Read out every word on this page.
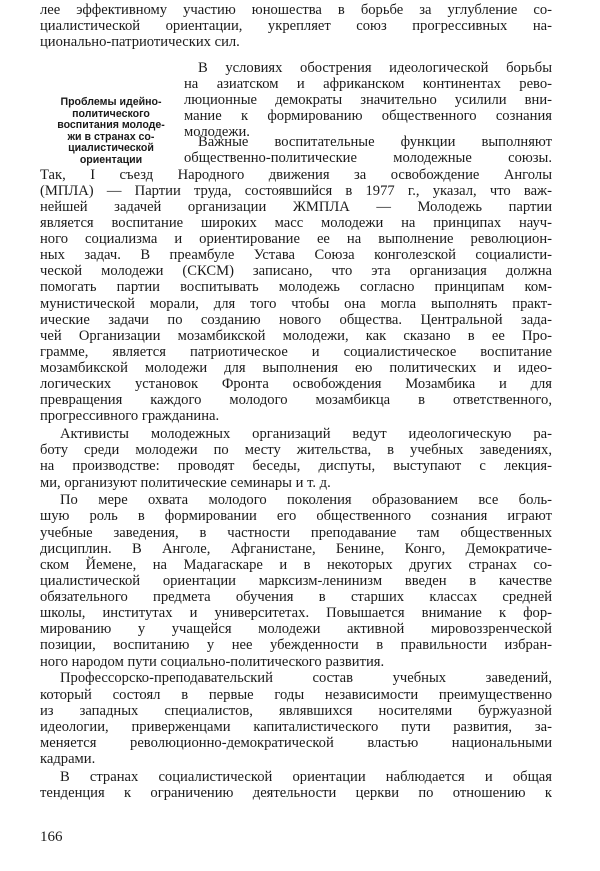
Проблемы идейно-
политического
воспитания молоде-
жи в странах со-
циалистической
ориентации
лее эффективному участию юношества в борьбе за углубление со-
циалистической ориентации, укрепляет союз прогрессивных на-
ционально-патриотических сил.
В условиях обострения идеологической борьбы
на азиатском и африканском континентах рево-
люционные демократы значительно усилили вни-
мание к формированию общественного сознания
молодежи.
Важные воспитательные функции выполняют
общественно-политические молодежные союзы.
Так, I съезд Народного движения за освобождение Анголы
(МПЛА) — Партии труда, состоявшийся в 1977 г., указал, что важ-
нейшей задачей организации ЖМПЛА — Молодежь партии
является воспитание широких масс молодежи на принципах науч-
ного социализма и ориентирование ее на выполнение революцион-
ных задач. В преамбуле Устава Союза конголезской социалисти-
ческой молодежи (СКСМ) записано, что эта организация должна
помогать партии воспитывать молодежь согласно принципам ком-
мунистической морали, для того чтобы она могла выполнять практ-
ические задачи по созданию нового общества. Центральной зада-
чей Организации мозамбикской молодежи, как сказано в ее Про-
грамме, является патриотическое и социалистическое воспитание
мозамбикской молодежи для выполнения ею политических и идео-
логических установок Фронта освобождения Мозамбика и для
превращения каждого молодого мозамбикца в ответственного,
прогрессивного гражданина.
Активисты молодежных организаций ведут идеологическую ра-
боту среди молодежи по месту жительства, в учебных заведениях,
на производстве: проводят беседы, диспуты, выступают с лекция-
ми, организуют политические семинары и т. д.
По мере охвата молодого поколения образованием все боль-
шую роль в формировании его общественного сознания играют
учебные заведения, в частности преподавание там общественных
дисциплин. В Анголе, Афганистане, Бенине, Конго, Демократиче-
ском Йемене, на Мадагаскаре и в некоторых других странах со-
циалистической ориентации марксизм-ленинизм введен в качестве
обязательного предмета обучения в старших классах средней
школы, институтах и университетах. Повышается внимание к фор-
мированию у учащейся молодежи активной мировоззренческой
позиции, воспитанию у нее убежденности в правильности избран-
ного народом пути социально-политического развития.
Профессорско-преподавательский состав учебных заведений,
который состоял в первые годы независимости преимущественно
из западных специалистов, являвшихся носителями буржуазной
идеологии, приверженцами капиталистического пути развития, за-
меняется революционно-демократической властью национальными
кадрами.
В странах социалистической ориентации наблюдается и общая
тенденция к ограничению деятельности церкви по отношению к
166
